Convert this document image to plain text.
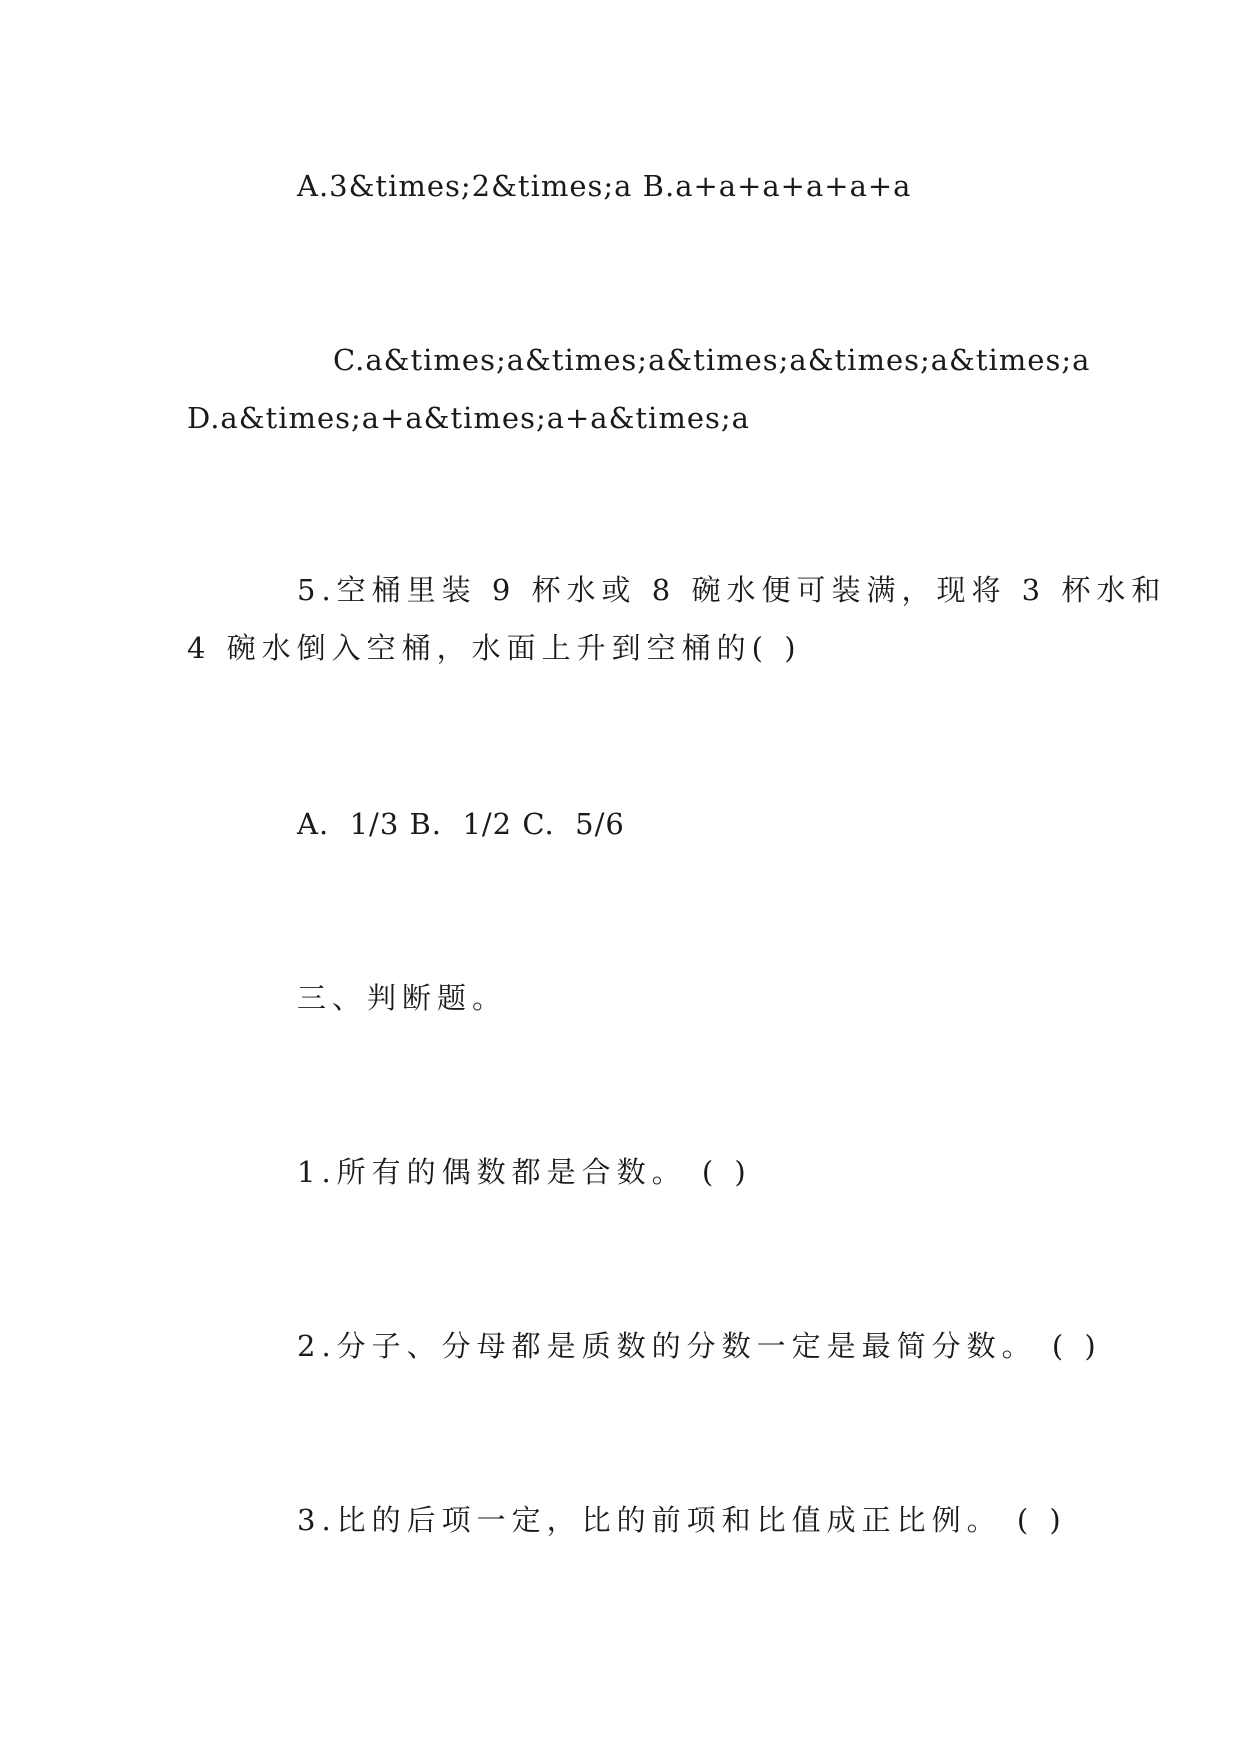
A.3&times;2&times;a B.a+a+a+a+a+a
C.a&times;a&times;a&times;a&times;a&times;a
D.a&times;a+a&times;a+a&times;a
5.空桶里装 9 杯水或 8 碗水便可装满，现将 3 杯水和
4 碗水倒入空桶，水面上升到空桶的( )
A.  1/3 B.  1/2 C.  5/6
三、判断题。
1.所有的偶数都是合数。 ( )
2.分子、分母都是质数的分数一定是最简分数。 ( )
3.比的后项一定，比的前项和比值成正比例。 ( )
